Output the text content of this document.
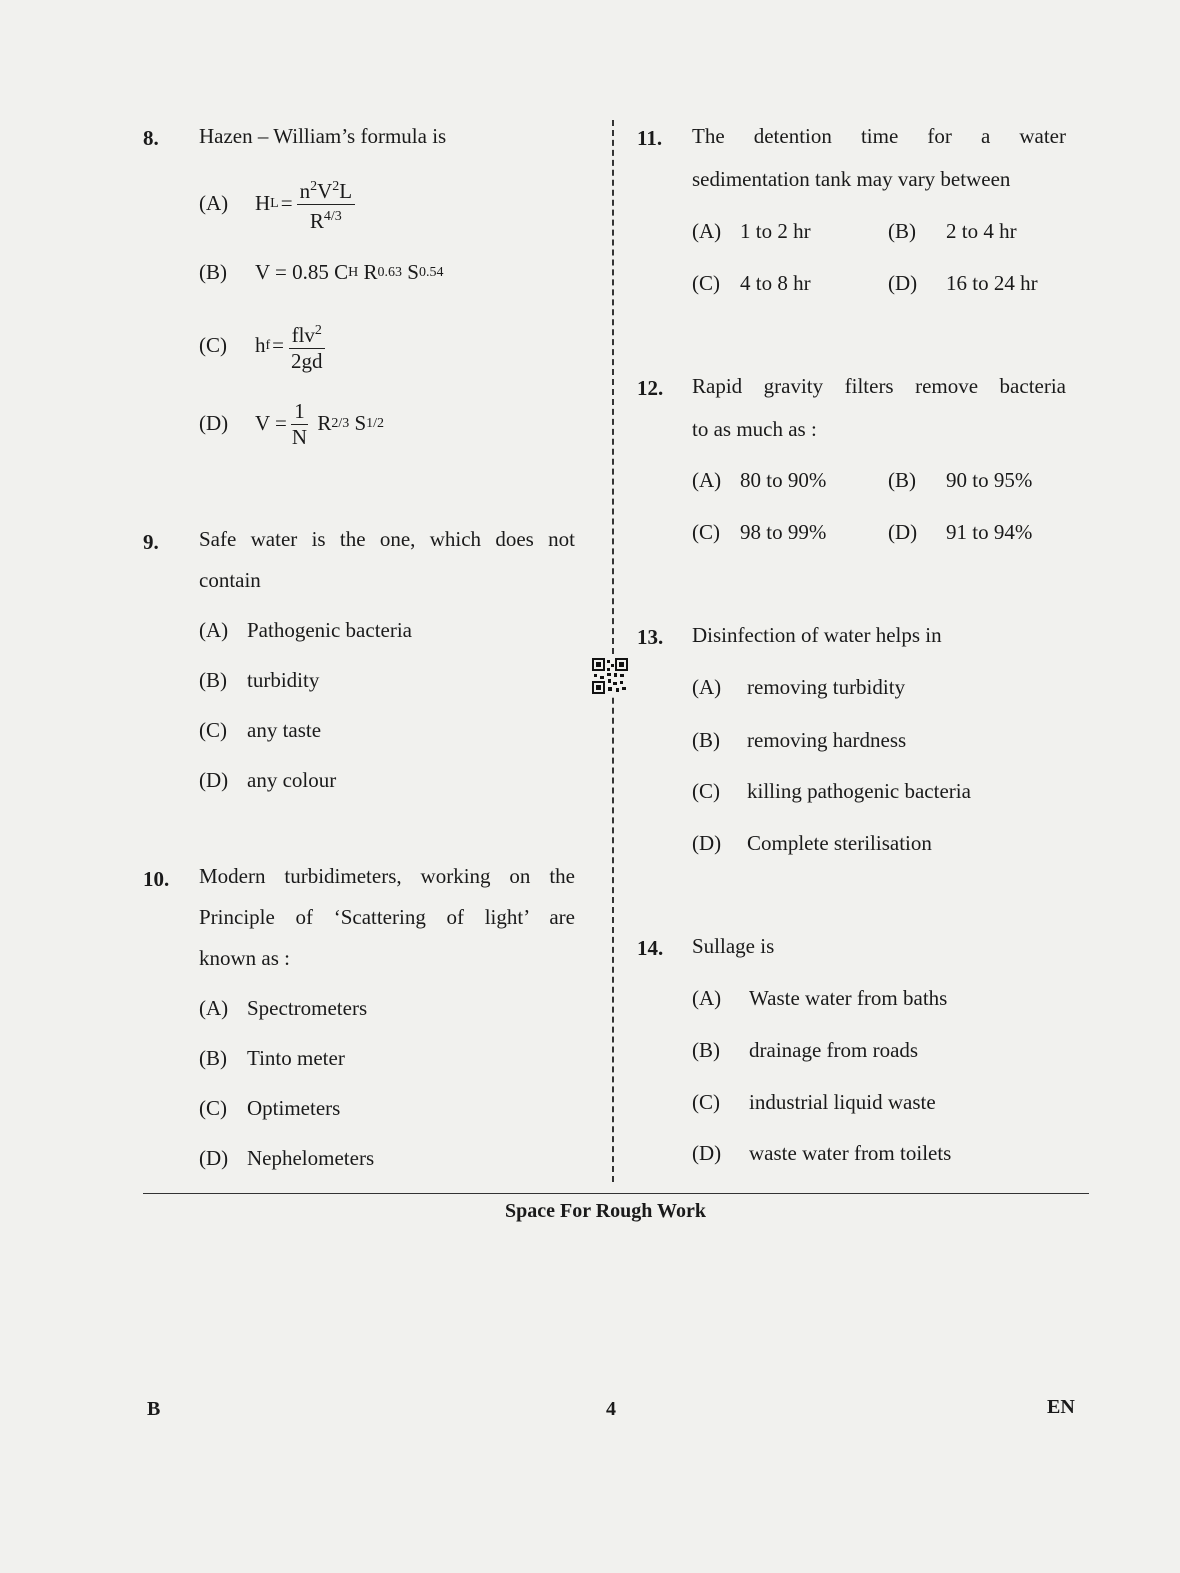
8. Hazen – William’s formula is
(A)	H $L = \frac{n^2V^2L}{R^{4/3}}$
(B)	V = 0.85 C H R 0.63 S 0.54
(C)	h $f = \frac{flv^2}{2gd}$
(D)	$V = \frac{1}{N}$ R 2/3 S 1/2
9. Safe water is the one, which does not
contain
(A) Pathogenic bacteria
(B) turbidity
(C) any taste
(D) any colour
10. Modern turbidimeters, working on the
Principle of ‘Scattering of light’ are
known as :
(A) Spectrometers
(B) Tinto meter
(C) Optimeters
(D) Nephelometers
11. The detention time for a water
sedimentation tank may vary between
(A) 1 to 2 hr	(B) 2 to 4 hr
(C) 4 to 8 hr	(D) 16 to 24 hr
12. Rapid gravity filters remove bacteria
to as much as :
(A) 80 to 90%	(B) 90 to 95%
(C) 98 to 99%	(D) 91 to 94%
13. Disinfection of water helps in
(A) removing turbidity
(B) removing hardness
(C) killing pathogenic bacteria
(D) Complete sterilisation
14. Sullage is
(A) Waste water from baths
(B) drainage from roads
(C) industrial liquid waste
(D) waste water from toilets
Space For Rough Work
B	4	EN
